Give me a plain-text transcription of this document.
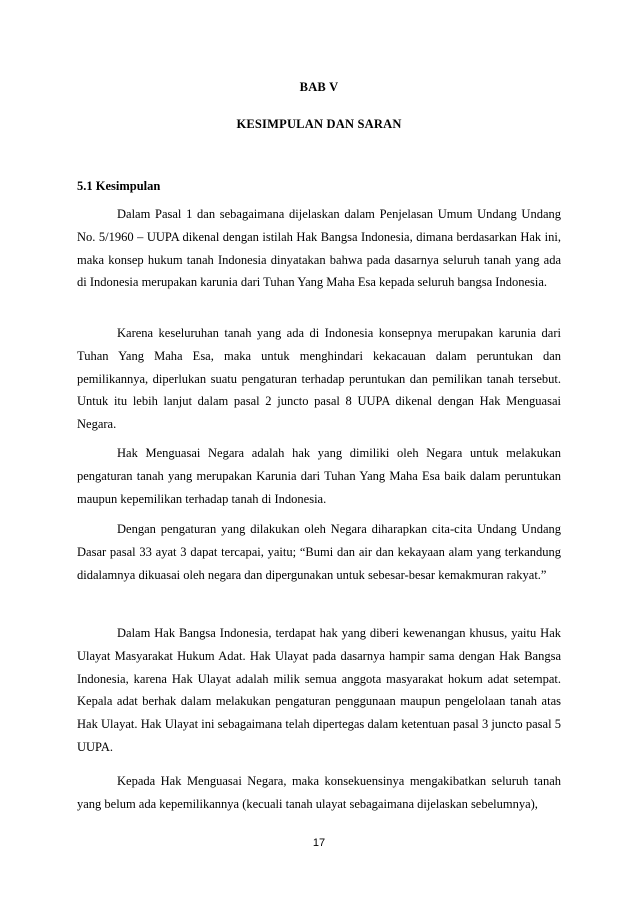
BAB V
KESIMPULAN DAN SARAN
5.1 Kesimpulan

Dalam Pasal 1 dan sebagaimana dijelaskan dalam Penjelasan Umum Undang Undang No. 5/1960 – UUPA dikenal dengan istilah Hak Bangsa Indonesia, dimana berdasarkan Hak ini, maka konsep hukum tanah Indonesia dinyatakan bahwa pada dasarnya seluruh tanah yang ada di Indonesia merupakan karunia dari Tuhan Yang Maha Esa kepada seluruh bangsa Indonesia.

Karena keseluruhan tanah yang ada di Indonesia konsepnya merupakan karunia dari Tuhan Yang Maha Esa, maka untuk menghindari kekacauan dalam peruntukan dan pemilikannya, diperlukan suatu pengaturan terhadap peruntukan dan pemilikan tanah tersebut. Untuk itu lebih lanjut dalam pasal 2 juncto pasal 8 UUPA dikenal dengan Hak Menguasai Negara.

Hak Menguasai Negara adalah hak yang dimiliki oleh Negara untuk melakukan pengaturan tanah yang merupakan Karunia dari Tuhan Yang Maha Esa baik dalam peruntukan maupun kepemilikan terhadap tanah di Indonesia.

Dengan pengaturan yang dilakukan oleh Negara diharapkan cita-cita Undang Undang Dasar pasal 33 ayat 3 dapat tercapai, yaitu; “Bumi dan air dan kekayaan alam yang terkandung didalamnya dikuasai oleh negara dan dipergunakan untuk sebesar-besar kemakmuran rakyat.”

Dalam Hak Bangsa Indonesia, terdapat hak yang diberi kewenangan khusus, yaitu Hak Ulayat Masyarakat Hukum Adat. Hak Ulayat pada dasarnya hampir sama dengan Hak Bangsa Indonesia, karena Hak Ulayat adalah milik semua anggota masyarakat hokum adat setempat. Kepala adat berhak dalam melakukan pengaturan penggunaan maupun pengelolaan tanah atas Hak Ulayat. Hak Ulayat ini sebagaimana telah dipertegas dalam ketentuan pasal 3 juncto pasal 5 UUPA.

Kepada Hak Menguasai Negara, maka konsekuensinya mengakibatkan seluruh tanah yang belum ada kepemilikannya (kecuali tanah ulayat sebagaimana dijelaskan sebelumnya),

17
